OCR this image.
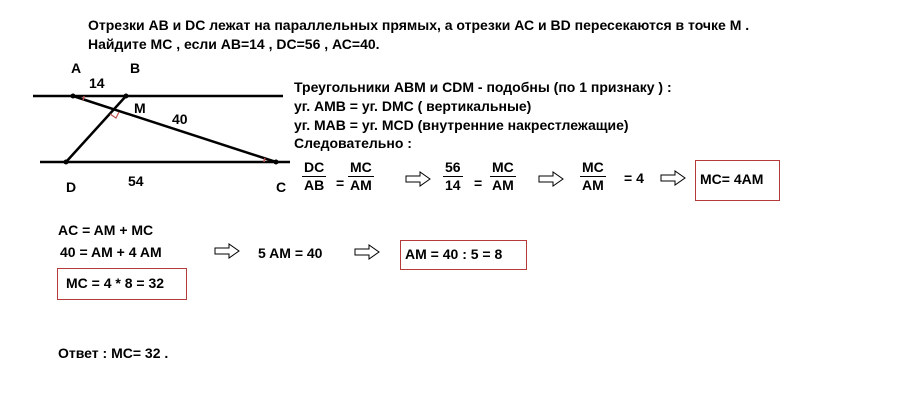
Отрезки АВ и DC лежат на параллельных прямых, а отрезки АС и BD пересекаются в точке М .
Найдите МС , если АВ=14 , DC=56 , АС=40.
A	B
14
M
40
D	54	C
Треугольники ABM и CDM - подобны (по 1 признаку ) :
уг. АМВ = уг. DMC ( вертикальные)
уг. МАВ = уг. MCD (внутренние накрестлежащие)
Следовательно :
$\frac{DC}{AB} = \frac{MC}{AM}$	$\frac{56}{14} = \frac{MC}{AM}$	$\frac{MC}{AM} = 4$	MC= 4AM
AC = AM + MC
40 = AM + 4 AM	5 AM = 40	AM = 40 : 5 = 8
MC = 4 * 8 = 32
Ответ : МС= 32 .
